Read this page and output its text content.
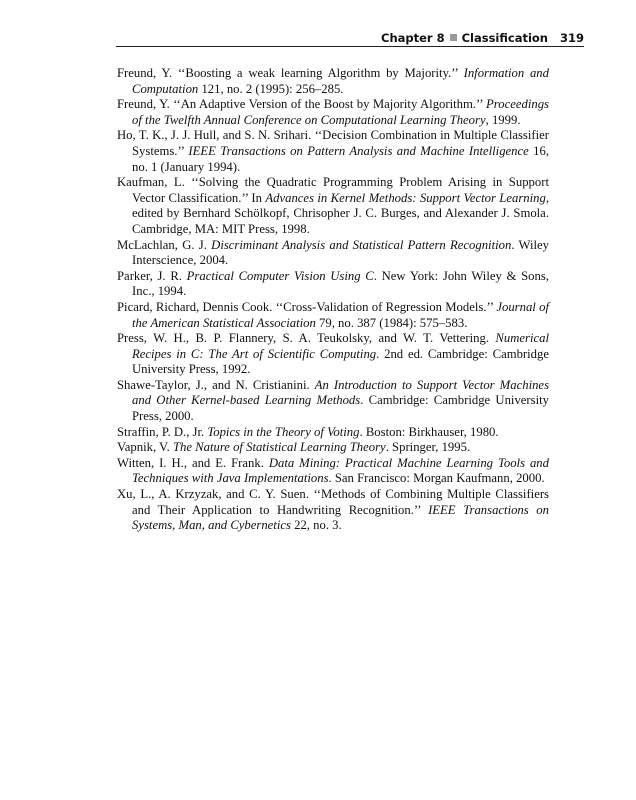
Chapter 8 Classification 319

Freund, Y. ‘‘Boosting a weak learning Algorithm by Majority.’’ Information and Computation 121, no. 2 (1995): 256–285.

Freund, Y. ‘‘An Adaptive Version of the Boost by Majority Algorithm.’’ Proceedings of the Twelfth Annual Conference on Computational Learning Theory, 1999.

Ho, T. K., J. J. Hull, and S. N. Srihari. ‘‘Decision Combination in Multiple Classifier Systems.’’ IEEE Transactions on Pattern Analysis and Machine Intelligence 16, no. 1 (January 1994).

Kaufman, L. ‘‘Solving the Quadratic Programming Problem Arising in Support Vector Classification.’’ In Advances in Kernel Methods: Support Vector Learning, edited by Bernhard Schölkopf, Chrisopher J. C. Burges, and Alexander J. Smola. Cambridge, MA: MIT Press, 1998.

McLachlan, G. J. Discriminant Analysis and Statistical Pattern Recognition. Wiley Interscience, 2004.

Parker, J. R. Practical Computer Vision Using C. New York: John Wiley & Sons, Inc., 1994.

Picard, Richard, Dennis Cook. ‘‘Cross-Validation of Regression Models.’’ Journal of the American Statistical Association 79, no. 387 (1984): 575–583.

Press, W. H., B. P. Flannery, S. A. Teukolsky, and W. T. Vettering. Numerical Recipes in C: The Art of Scientific Computing. 2nd ed. Cambridge: Cambridge University Press, 1992.

Shawe-Taylor, J., and N. Cristianini. An Introduction to Support Vector Machines and Other Kernel-based Learning Methods. Cambridge: Cambridge University Press, 2000.

Straffin, P. D., Jr. Topics in the Theory of Voting. Boston: Birkhauser, 1980.

Vapnik, V. The Nature of Statistical Learning Theory. Springer, 1995.

Witten, I. H., and E. Frank. Data Mining: Practical Machine Learning Tools and Techniques with Java Implementations. San Francisco: Morgan Kaufmann, 2000.

Xu, L., A. Krzyzak, and C. Y. Suen. ‘‘Methods of Combining Multiple Classifiers and Their Application to Handwriting Recognition.’’ IEEE Transactions on Systems, Man, and Cybernetics 22, no. 3.
